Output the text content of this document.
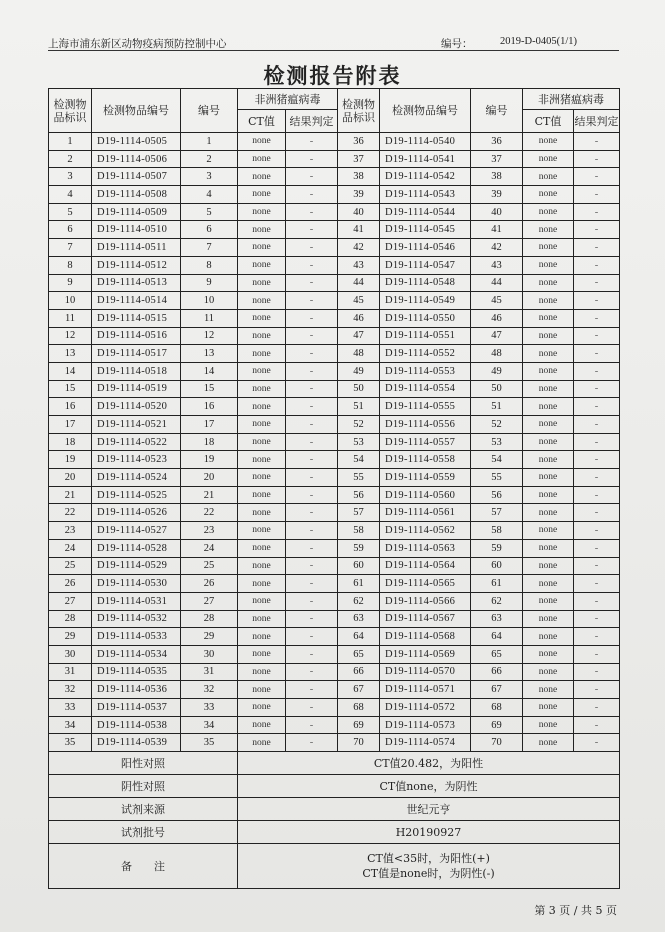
上海市浦东新区动物疫病预防控制中心	编号：	2019-D-0405(1/1)
检测报告附表
检测物品标识	检测物品编号	编号	非洲猪瘟病毒		检测物品标识	检测物品编号	编号	非洲猪瘟病毒	
			CT值	结果判定				CT值	结果判定
1	D19-1114-0505	1	none	-	36	D19-1114-0540	36	none	-
2	D19-1114-0506	2	none	-	37	D19-1114-0541	37	none	-
3	D19-1114-0507	3	none	-	38	D19-1114-0542	38	none	-
4	D19-1114-0508	4	none	-	39	D19-1114-0543	39	none	-
5	D19-1114-0509	5	none	-	40	D19-1114-0544	40	none	-
6	D19-1114-0510	6	none	-	41	D19-1114-0545	41	none	-
7	D19-1114-0511	7	none	-	42	D19-1114-0546	42	none	-
8	D19-1114-0512	8	none	-	43	D19-1114-0547	43	none	-
9	D19-1114-0513	9	none	-	44	D19-1114-0548	44	none	-
10	D19-1114-0514	10	none	-	45	D19-1114-0549	45	none	-
11	D19-1114-0515	11	none	-	46	D19-1114-0550	46	none	-
12	D19-1114-0516	12	none	-	47	D19-1114-0551	47	none	-
13	D19-1114-0517	13	none	-	48	D19-1114-0552	48	none	-
14	D19-1114-0518	14	none	-	49	D19-1114-0553	49	none	-
15	D19-1114-0519	15	none	-	50	D19-1114-0554	50	none	-
16	D19-1114-0520	16	none	-	51	D19-1114-0555	51	none	-
17	D19-1114-0521	17	none	-	52	D19-1114-0556	52	none	-
18	D19-1114-0522	18	none	-	53	D19-1114-0557	53	none	-
19	D19-1114-0523	19	none	-	54	D19-1114-0558	54	none	-
20	D19-1114-0524	20	none	-	55	D19-1114-0559	55	none	-
21	D19-1114-0525	21	none	-	56	D19-1114-0560	56	none	-
22	D19-1114-0526	22	none	-	57	D19-1114-0561	57	none	-
23	D19-1114-0527	23	none	-	58	D19-1114-0562	58	none	-
24	D19-1114-0528	24	none	-	59	D19-1114-0563	59	none	-
25	D19-1114-0529	25	none	-	60	D19-1114-0564	60	none	-
26	D19-1114-0530	26	none	-	61	D19-1114-0565	61	none	-
27	D19-1114-0531	27	none	-	62	D19-1114-0566	62	none	-
28	D19-1114-0532	28	none	-	63	D19-1114-0567	63	none	-
29	D19-1114-0533	29	none	-	64	D19-1114-0568	64	none	-
30	D19-1114-0534	30	none	-	65	D19-1114-0569	65	none	-
31	D19-1114-0535	31	none	-	66	D19-1114-0570	66	none	-
32	D19-1114-0536	32	none	-	67	D19-1114-0571	67	none	-
33	D19-1114-0537	33	none	-	68	D19-1114-0572	68	none	-
34	D19-1114-0538	34	none	-	69	D19-1114-0573	69	none	-
35	D19-1114-0539	35	none	-	70	D19-1114-0574	70	none	-
阳性对照			CT值20.482，为阳性						
阴性对照			CT值none，为阴性						
试剂来源			世纪元亨						
试剂批号			H20190927						
备　　注			CT值<35时，为阳性(+)
CT值是none时，为阴性(-)						
第 3 页 / 共 5 页
